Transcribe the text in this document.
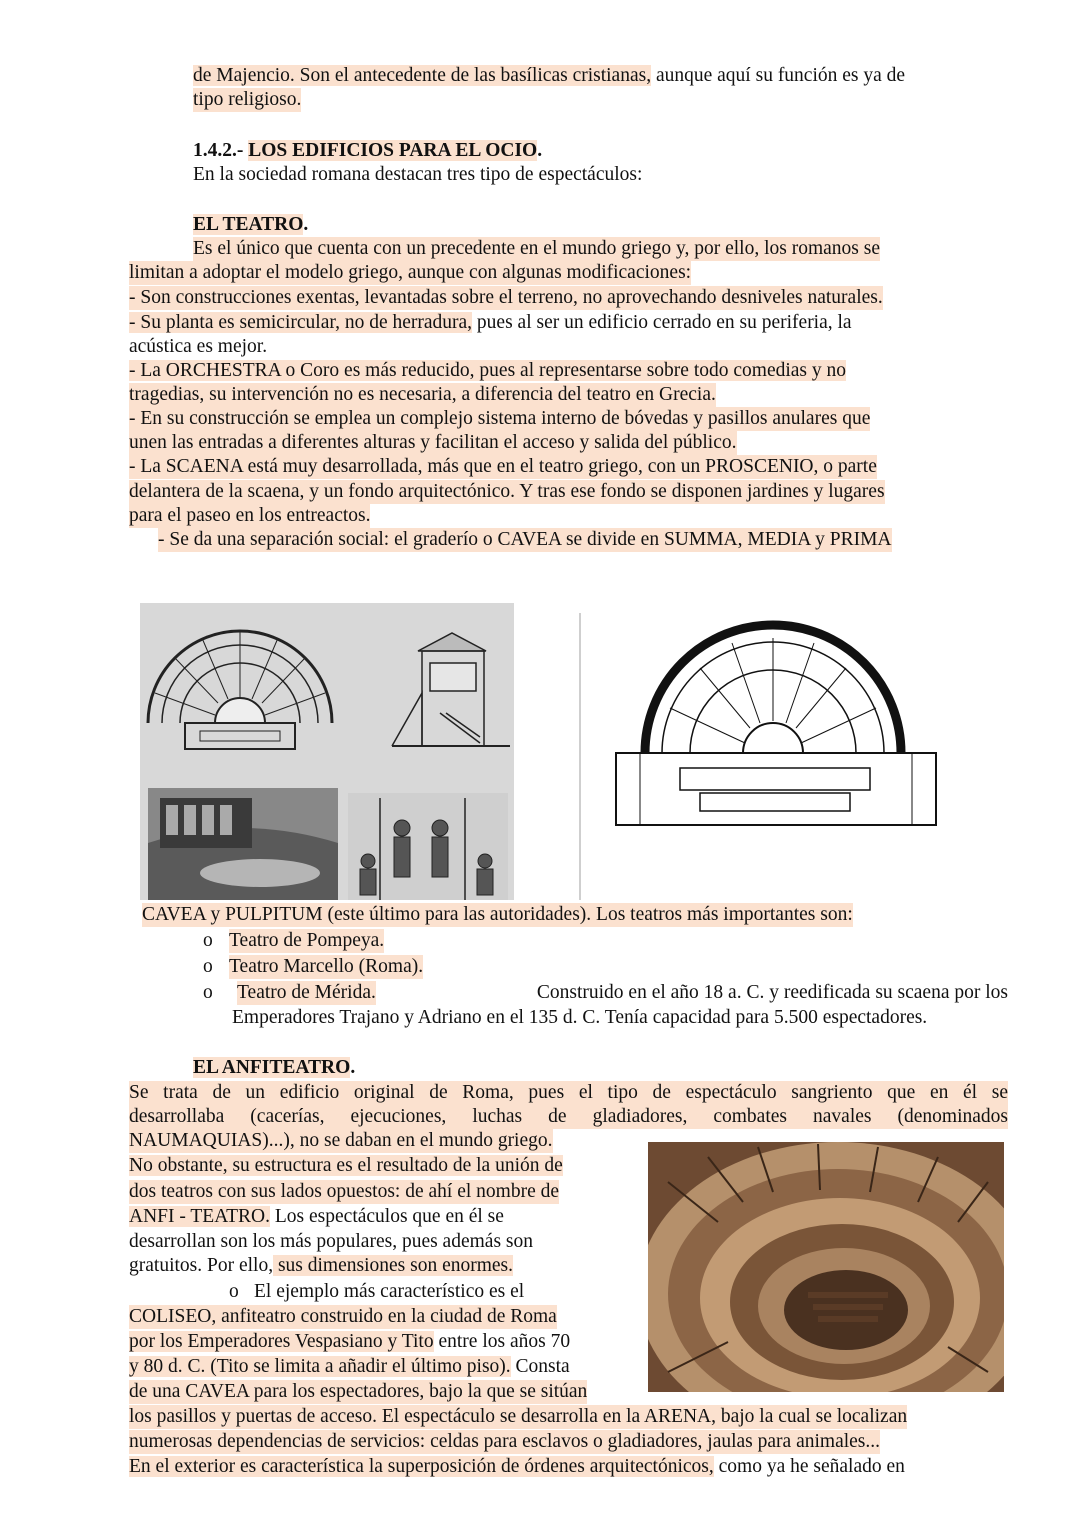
de Majencio. Son el antecedente de las basílicas cristianas, aunque aquí su función es ya de
tipo religioso.
1.4.2.- LOS EDIFICIOS PARA EL OCIO.
En la sociedad romana destacan tres tipo de espectáculos:
EL TEATRO.
Es el único que cuenta con un precedente en el mundo griego y, por ello, los romanos se
limitan a adoptar el modelo griego, aunque con algunas modificaciones:
- Son construcciones exentas, levantadas sobre el terreno, no aprovechando desniveles naturales.
- Su planta es semicircular, no de herradura, pues al ser un edificio cerrado en su periferia, la
acústica es mejor.
- La ORCHESTRA o Coro es más reducido, pues al representarse sobre todo comedias y no
tragedias, su intervención no es necesaria, a diferencia del teatro en Grecia.
- En su construcción se emplea un complejo sistema interno de bóvedas y pasillos anulares que
unen las entradas a diferentes alturas y facilitan el acceso y salida del público.
- La SCAENA está muy desarrollada, más que en el teatro griego, con un PROSCENIO, o parte
delantera de la scaena, y un fondo arquitectónico. Y tras ese fondo se disponen jardines y lugares
para el paseo en los entreactos.
- Se da una separación social: el graderío o CAVEA se divide en SUMMA, MEDIA y PRIMA
CAVEA y PULPITUM (este último para las autoridades). Los teatros más importantes son:
o Teatro de Pompeya.
o Teatro Marcello (Roma).
o Teatro de Mérida.	Construido en el año 18 a. C. y reedificada su scaena por los
Emperadores Trajano y Adriano en el 135 d. C. Tenía capacidad para 5.500 espectadores.
EL ANFITEATRO.
Se trata de un edificio original de Roma, pues el tipo de espectáculo sangriento que en él se
desarrollaba (cacerías, ejecuciones, luchas de gladiadores, combates navales (denominados
NAUMAQUIAS)...), no se daban en el mundo griego.
No obstante, su estructura es el resultado de la unión de
dos teatros con sus lados opuestos: de ahí el nombre de
ANFI - TEATRO. Los espectáculos que en él se
desarrollan son los más populares, pues además son
gratuitos. Por ello, sus dimensiones son enormes.
o El ejemplo más característico es el
COLISEO, anfiteatro construido en la ciudad de Roma
por los Emperadores Vespasiano y Tito entre los años 70
y 80 d. C. (Tito se limita a añadir el último piso). Consta
de una CAVEA para los espectadores, bajo la que se sitúan
los pasillos y puertas de acceso. El espectáculo se desarrolla en la ARENA, bajo la cual se localizan
numerosas dependencias de servicios: celdas para esclavos o gladiadores, jaulas para animales...
En el exterior es característica la superposición de órdenes arquitectónicos, como ya he señalado en
